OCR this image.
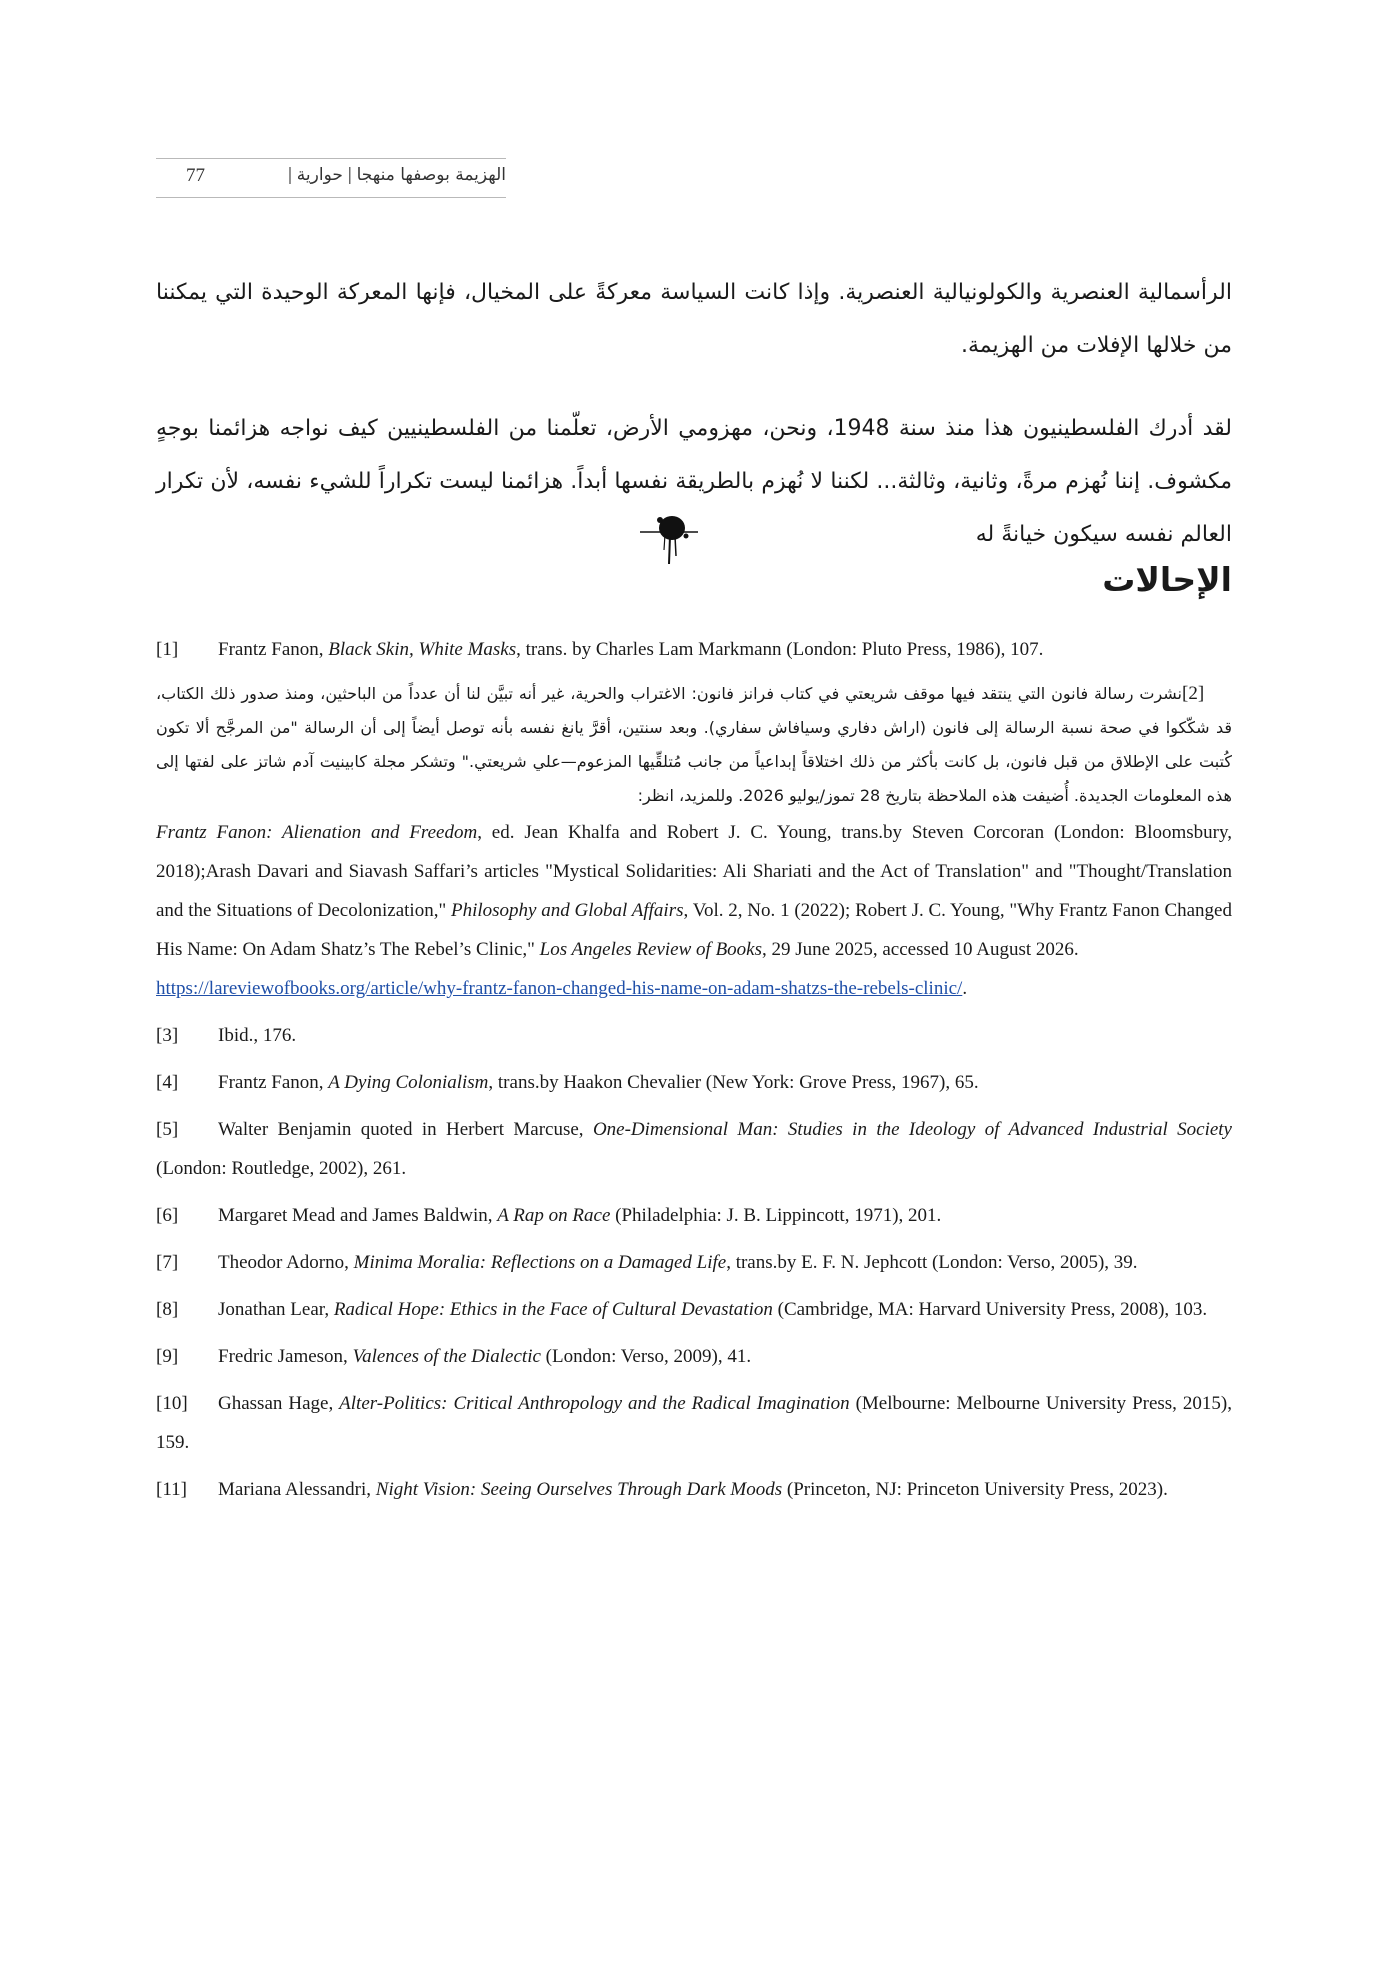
الهزيمة بوصفها منهجا|حوارية|
77

الرأسمالية العنصرية والكولونيالية العنصرية. وإذا كانت السياسة معركةً على المخيال، فإنها المعركة الوحيدة التي يمكننا من خلالها الإفلات من الهزيمة.

لقد أدرك الفلسطينيون هذا منذ سنة 1948، ونحن، مهزومي الأرض، تعلّمنا من الفلسطينيين كيف نواجه هزائمنا بوجهٍ مكشوف. إننا نُهزم مرةً، وثانية، وثالثة... لكننا لا نُهزم بالطريقة نفسها أبداً. هزائمنا ليست تكراراً للشيء نفسه، لأن تكرار العالم نفسه سيكون خيانةً له

الإحالات

[1] Frantz Fanon, Black Skin, White Masks, trans. by Charles Lam Markmann (London: Pluto Press, 1986), 107.

[2]نشرت رسالة فانون التي ينتقد فيها موقف شريعتي في كتاب فرانز فانون: الاغتراب والحرية، غير أنه تبيَّن لنا أن عدداً من الباحثين، ومنذ صدور ذلك الكتاب، قد شكّكوا في صحة نسبة الرسالة إلى فانون (اراش دفاري وسيافاش سفاري). وبعد سنتين، أقرَّ يانغ نفسه بأنه توصل أيضاً إلى أن الرسالة "من المرجَّح ألا تكون كُتبت على الإطلاق من قبل فانون، بل كانت بأكثر من ذلك اختلاقاً إبداعياً من جانب مُتلقِّيها المزعوم—علي شريعتي." وتشكر مجلة كابينيت آدم شاتز على لفتها إلى هذه المعلومات الجديدة. أُضيفت هذه الملاحظة بتاريخ 28 تموز/يوليو 2026. وللمزيد، انظر:

Frantz Fanon: Alienation and Freedom, ed. Jean Khalfa and Robert J. C. Young, trans.by Steven Corcoran (London: Bloomsbury, 2018);Arash Davari and Siavash Saffari’s articles "Mystical Solidarities: Ali Shariati and the Act of Translation" and "Thought/Translation and the Situations of Decolonization," Philosophy and Global Affairs, Vol. 2, No. 1 (2022); Robert J. C. Young, "Why Frantz Fanon Changed His Name: On Adam Shatz’s The Rebel’s Clinic," Los Angeles Review of Books, 29 June 2025, accessed 10 August 2026.

https://lareviewofbooks.org/article/why-frantz-fanon-changed-his-name-on-adam-shatzs-the-rebels-clinic/.

[3] Ibid., 176.

[4] Frantz Fanon, A Dying Colonialism, trans.by Haakon Chevalier (New York: Grove Press, 1967), 65.

[5] Walter Benjamin quoted in Herbert Marcuse, One-Dimensional Man: Studies in the Ideology of Advanced Industrial Society (London: Routledge, 2002), 261.

[6] Margaret Mead and James Baldwin, A Rap on Race (Philadelphia: J. B. Lippincott, 1971), 201.

[7] Theodor Adorno, Minima Moralia: Reflections on a Damaged Life, trans.by E. F. N. Jephcott (London: Verso, 2005), 39.

[8] Jonathan Lear, Radical Hope: Ethics in the Face of Cultural Devastation (Cambridge, MA: Harvard University Press, 2008), 103.

[9] Fredric Jameson, Valences of the Dialectic (London: Verso, 2009), 41.

[10] Ghassan Hage, Alter-Politics: Critical Anthropology and the Radical Imagination (Melbourne: Melbourne University Press, 2015), 159.

[11] Mariana Alessandri, Night Vision: Seeing Ourselves Through Dark Moods (Princeton, NJ: Princeton University Press, 2023).
